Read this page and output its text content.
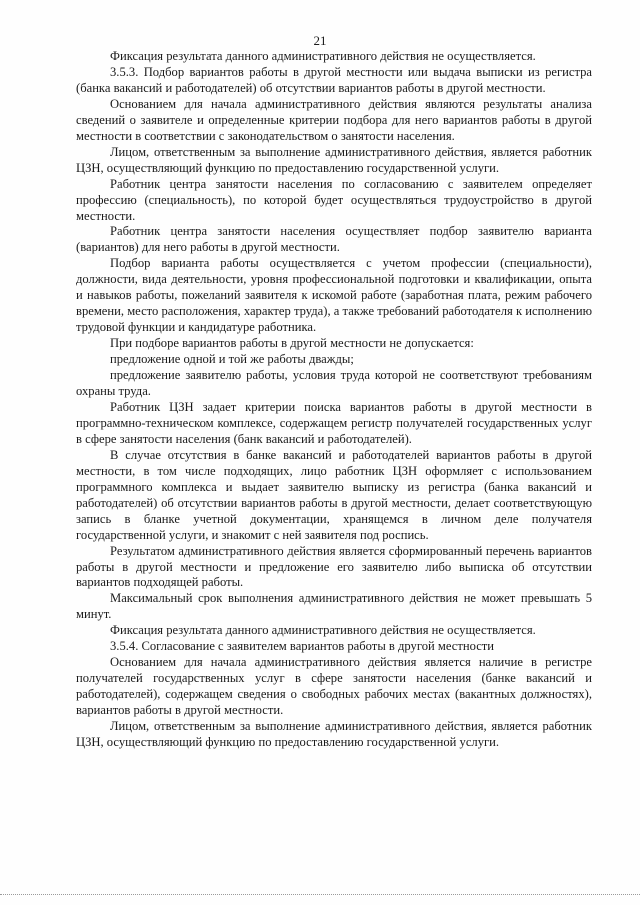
21

Фиксация результата данного административного действия не осуществляется.

3.5.3. Подбор вариантов работы в другой местности или выдача выписки из регистра (банка вакансий и работодателей) об отсутствии вариантов работы в другой местности.

Основанием для начала административного действия являются результаты анализа сведений о заявителе и определенные критерии подбора для него вариантов работы в другой местности в соответствии с законодательством о занятости населения.

Лицом, ответственным за выполнение административного действия, является работник ЦЗН, осуществляющий функцию по предоставлению государственной услуги.

Работник центра занятости населения по согласованию с заявителем определяет профессию (специальность), по которой будет осуществляться трудоустройство в другой местности.

Работник центра занятости населения осуществляет подбор заявителю варианта (вариантов) для него работы в другой местности.

Подбор варианта работы осуществляется с учетом профессии (специальности), должности, вида деятельности, уровня профессиональной подготовки и квалификации, опыта и навыков работы, пожеланий заявителя к искомой работе (заработная плата, режим рабочего времени, место расположения, характер труда), а также требований работодателя к исполнению трудовой функции и кандидатуре работника.

При подборе вариантов работы в другой местности не допускается:

предложение одной и той же работы дважды;

предложение заявителю работы, условия труда которой не соответствуют требованиям охраны труда.

Работник ЦЗН задает критерии поиска вариантов работы в другой местности в программно-техническом комплексе, содержащем регистр получателей государственных услуг в сфере занятости населения (банк вакансий и работодателей).

В случае отсутствия в банке вакансий и работодателей вариантов работы в другой местности, в том числе подходящих, лицо работник ЦЗН оформляет с использованием программного комплекса и выдает заявителю выписку из регистра (банка вакансий и работодателей) об отсутствии вариантов работы в другой местности, делает соответствующую запись в бланке учетной документации, хранящемся в личном деле получателя государственной услуги, и знакомит с ней заявителя под роспись.

Результатом административного действия является сформированный перечень вариантов работы в другой местности и предложение его заявителю либо выписка об отсутствии вариантов подходящей работы.

Максимальный срок выполнения административного действия не может превышать 5 минут.

Фиксация результата данного административного действия не осуществляется.

3.5.4. Согласование с заявителем вариантов работы в другой местности

Основанием для начала административного действия является наличие в регистре получателей государственных услуг в сфере занятости населения (банке вакансий и работодателей), содержащем сведения о свободных рабочих местах (вакантных должностях), вариантов работы в другой местности.

Лицом, ответственным за выполнение административного действия, является работник ЦЗН, осуществляющий функцию по предоставлению государственной услуги.
